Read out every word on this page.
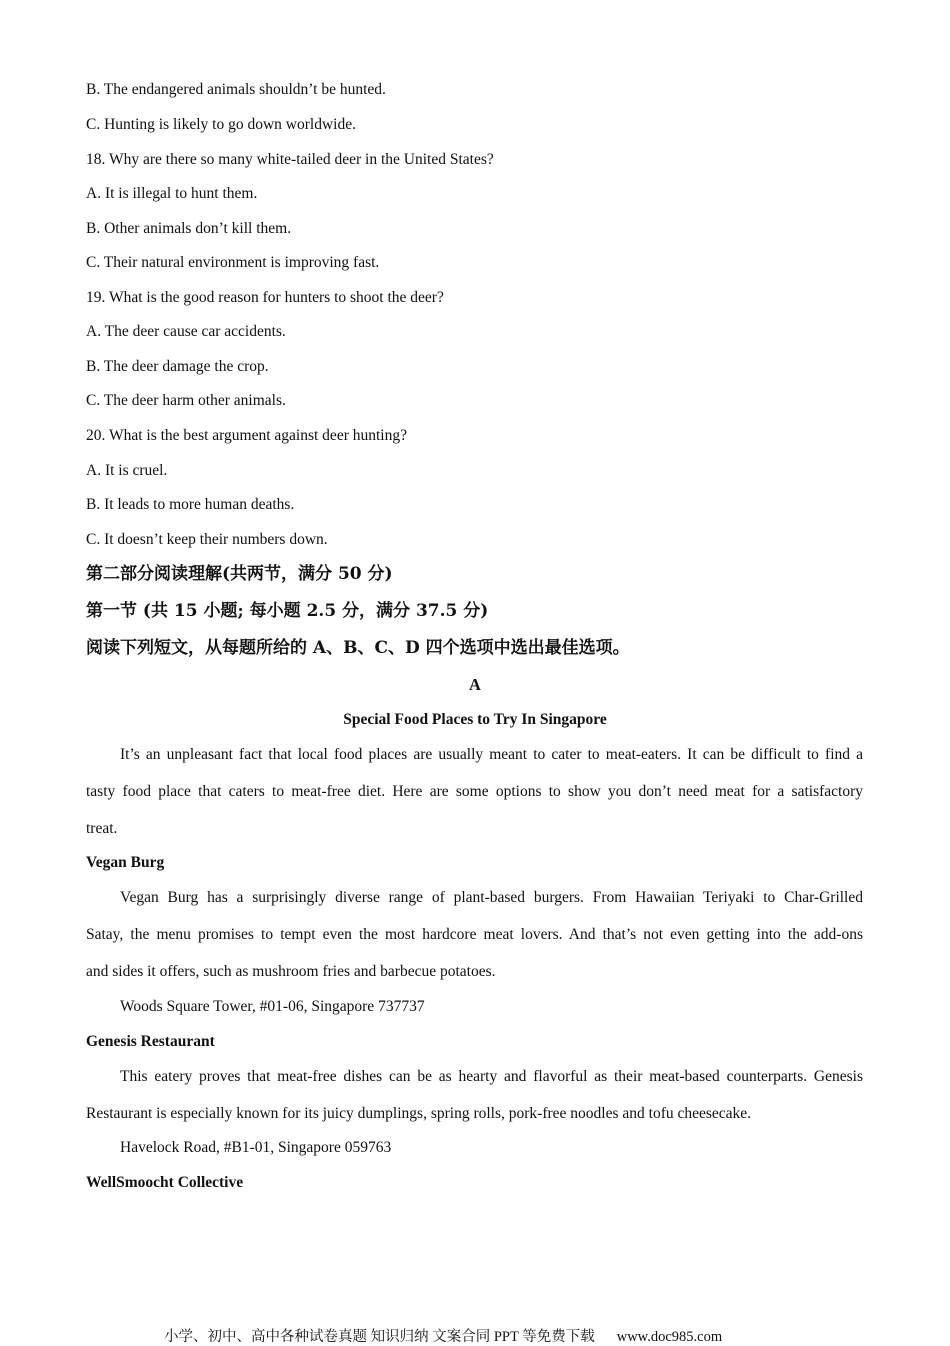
B. The endangered animals shouldn’t be hunted.
C. Hunting is likely to go down worldwide.
18. Why are there so many white-tailed deer in the United States?
A. It is illegal to hunt them.
B. Other animals don’t kill them.
C. Their natural environment is improving fast.
19. What is the good reason for hunters to shoot the deer?
A. The deer cause car accidents.
B. The deer damage the crop.
C. The deer harm other animals.
20. What is the best argument against deer hunting?
A. It is cruel.
B. It leads to more human deaths.
C. It doesn’t keep their numbers down.
第二部分阅读理解(共两节，满分 50 分)
第一节 (共 15 小题; 每小题 2.5 分，满分 37.5 分)
阅读下列短文，从每题所给的 A、B、C、D 四个选项中选出最佳选项。
A
Special Food Places to Try In Singapore
It’s an unpleasant fact that local food places are usually meant to cater to meat-eaters. It can be difficult to find a
tasty food place that caters to meat-free diet. Here are some options to show you don’t need meat for a satisfactory
treat.
Vegan Burg
Vegan Burg has a surprisingly diverse range of plant-based burgers. From Hawaiian Teriyaki to Char-Grilled
Satay, the menu promises to tempt even the most hardcore meat lovers. And that’s not even getting into the add-ons
and sides it offers, such as mushroom fries and barbecue potatoes.
Woods Square Tower, #01-06, Singapore 737737
Genesis Restaurant
This eatery proves that meat-free dishes can be as hearty and flavorful as their meat-based counterparts. Genesis
Restaurant is especially known for its juicy dumplings, spring rolls, pork-free noodles and tofu cheesecake.
Havelock Road, #B1-01, Singapore 059763
WellSmoocht Collective
小学、初中、高中各种试卷真题 知识归纳 文案合同 PPT 等免费下载 www.doc985.com
